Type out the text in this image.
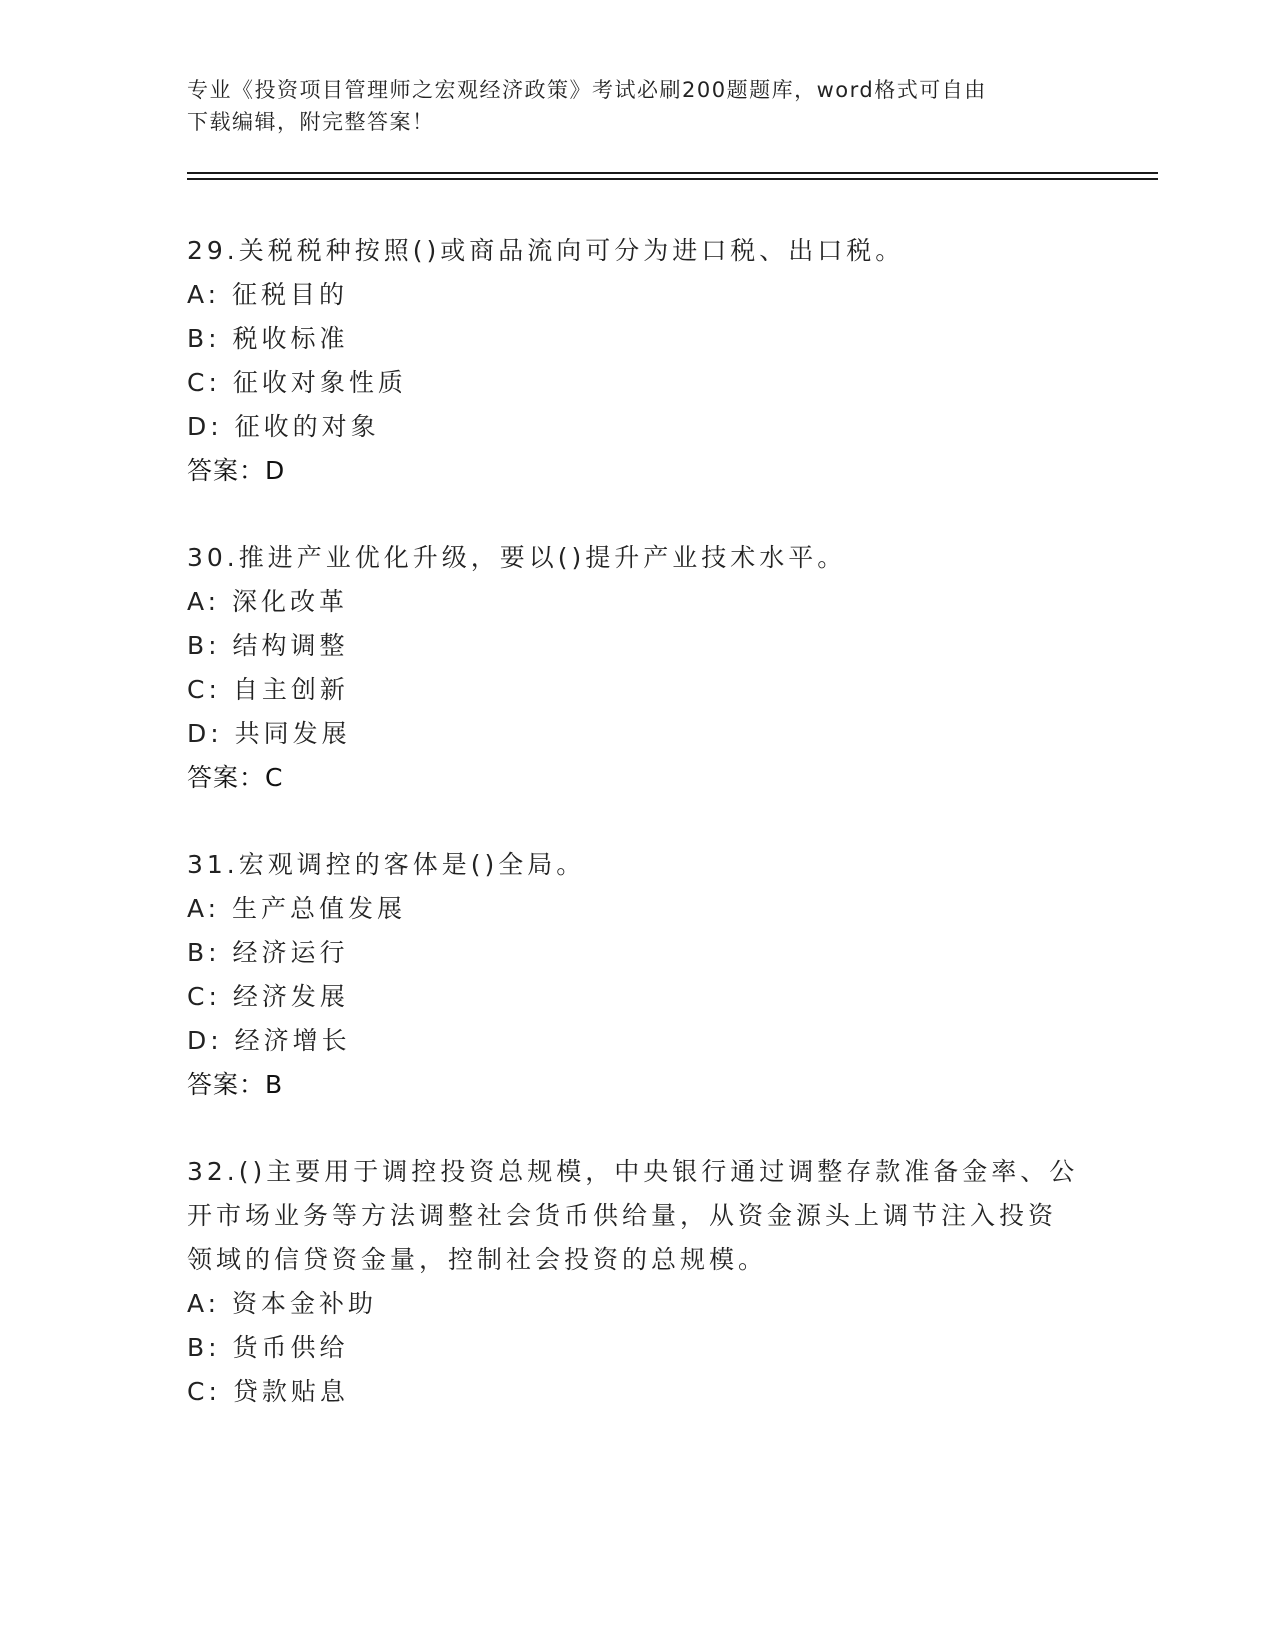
专业《投资项目管理师之宏观经济政策》考试必刷200题题库，word格式可自由
下载编辑，附完整答案！
29.关税税种按照()或商品流向可分为进口税、出口税。
A: 征税目的
B: 税收标准
C: 征收对象性质
D: 征收的对象
答案：D
30.推进产业优化升级，要以()提升产业技术水平。
A: 深化改革
B: 结构调整
C: 自主创新
D: 共同发展
答案：C
31.宏观调控的客体是()全局。
A: 生产总值发展
B: 经济运行
C: 经济发展
D: 经济增长
答案：B
32.()主要用于调控投资总规模，中央银行通过调整存款准备金率、公
开市场业务等方法调整社会货币供给量，从资金源头上调节注入投资
领域的信贷资金量，控制社会投资的总规模。
A: 资本金补助
B: 货币供给
C: 贷款贴息
